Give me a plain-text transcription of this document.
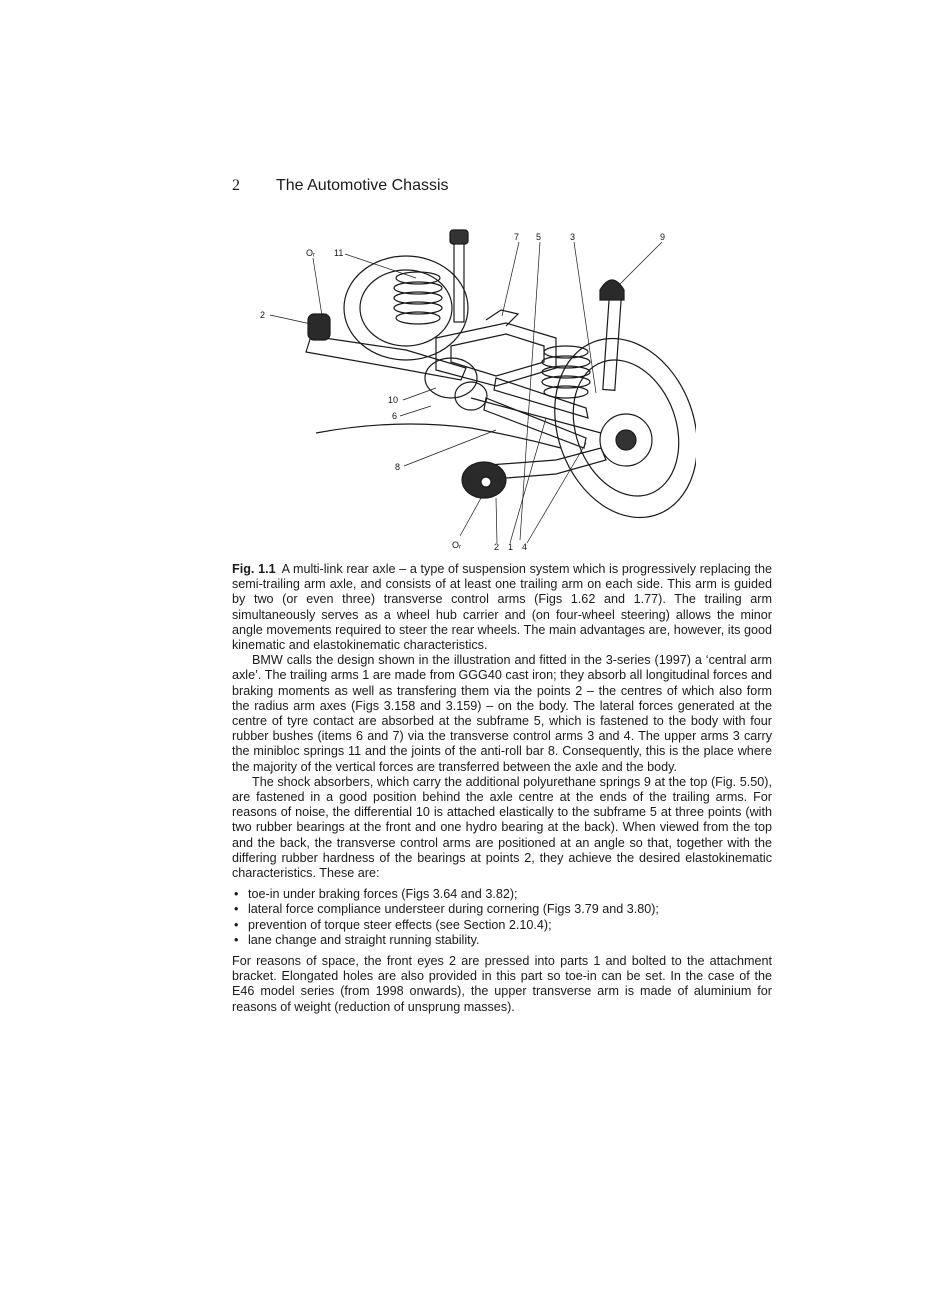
2 The Automotive Chassis
7 5	3	9
Oᵣ 11
2
10
6
8
Oᵣ	2 1 4

Fig. 1.1 A multi-link rear axle – a type of suspension system which is progressively replacing the semi-trailing arm axle, and consists of at least one trailing arm on each side. This arm is guided by two (or even three) transverse control arms (Figs 1.62 and 1.77). The trailing arm simultaneously serves as a wheel hub carrier and (on four-wheel steering) allows the minor angle movements required to steer the rear wheels. The main advantages are, however, its good kinematic and elastokinematic characteristics.

BMW calls the design shown in the illustration and fitted in the 3-series (1997) a ‘central arm axle’. The trailing arms 1 are made from GGG40 cast iron; they absorb all longitudinal forces and braking moments as well as transfering them via the points 2 – the centres of which also form the radius arm axes (Figs 3.158 and 3.159) – on the body. The lateral forces generated at the centre of tyre contact are absorbed at the subframe 5, which is fastened to the body with four rubber bushes (items 6 and 7) via the transverse control arms 3 and 4. The upper arms 3 carry the minibloc springs 11 and the joints of the anti-roll bar 8. Consequently, this is the place where the majority of the vertical forces are transferred between the axle and the body.

The shock absorbers, which carry the additional polyurethane springs 9 at the top (Fig. 5.50), are fastened in a good position behind the axle centre at the ends of the trailing arms. For reasons of noise, the differential 10 is attached elastically to the subframe 5 at three points (with two rubber bearings at the front and one hydro bearing at the back). When viewed from the top and the back, the transverse control arms are positioned at an angle so that, together with the differing rubber hardness of the bearings at points 2, they achieve the desired elastokinematic characteristics. These are:

• toe-in under braking forces (Figs 3.64 and 3.82);
• lateral force compliance understeer during cornering (Figs 3.79 and 3.80);
• prevention of torque steer effects (see Section 2.10.4);
• lane change and straight running stability.

For reasons of space, the front eyes 2 are pressed into parts 1 and bolted to the attachment bracket. Elongated holes are also provided in this part so toe-in can be set. In the case of the E46 model series (from 1998 onwards), the upper transverse arm is made of aluminium for reasons of weight (reduction of unsprung masses).
